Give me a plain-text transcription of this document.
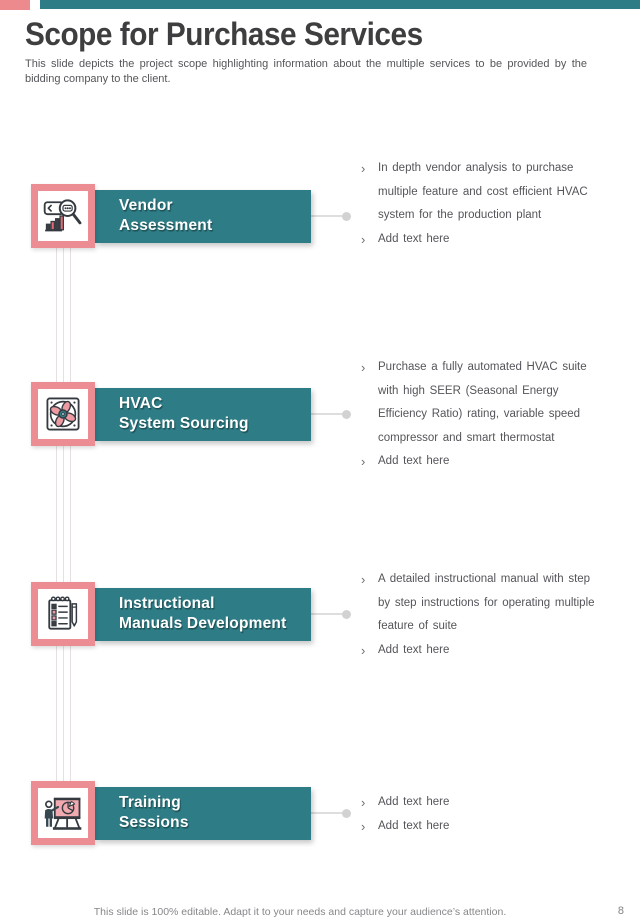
Scope for Purchase Services

This slide depicts the project scope highlighting information about the multiple services to be provided by the bidding company to the client.

Vendor
Assessment
›	In depth vendor analysis to purchase multiple feature and cost efficient HVAC system for the production plant
›	Add text here
HVAC
System Sourcing
›	Purchase a fully automated HVAC suite with high SEER (Seasonal Energy Efficiency Ratio) rating, variable speed compressor and smart thermostat
›	Add text here
Instructional
Manuals Development
›	A detailed instructional manual with step by step instructions for operating multiple feature of suite
›	Add text here
Training
Sessions
›	Add text here
›	Add text here
This slide is 100% editable. Adapt it to your needs and capture your audience’s attention.	8
